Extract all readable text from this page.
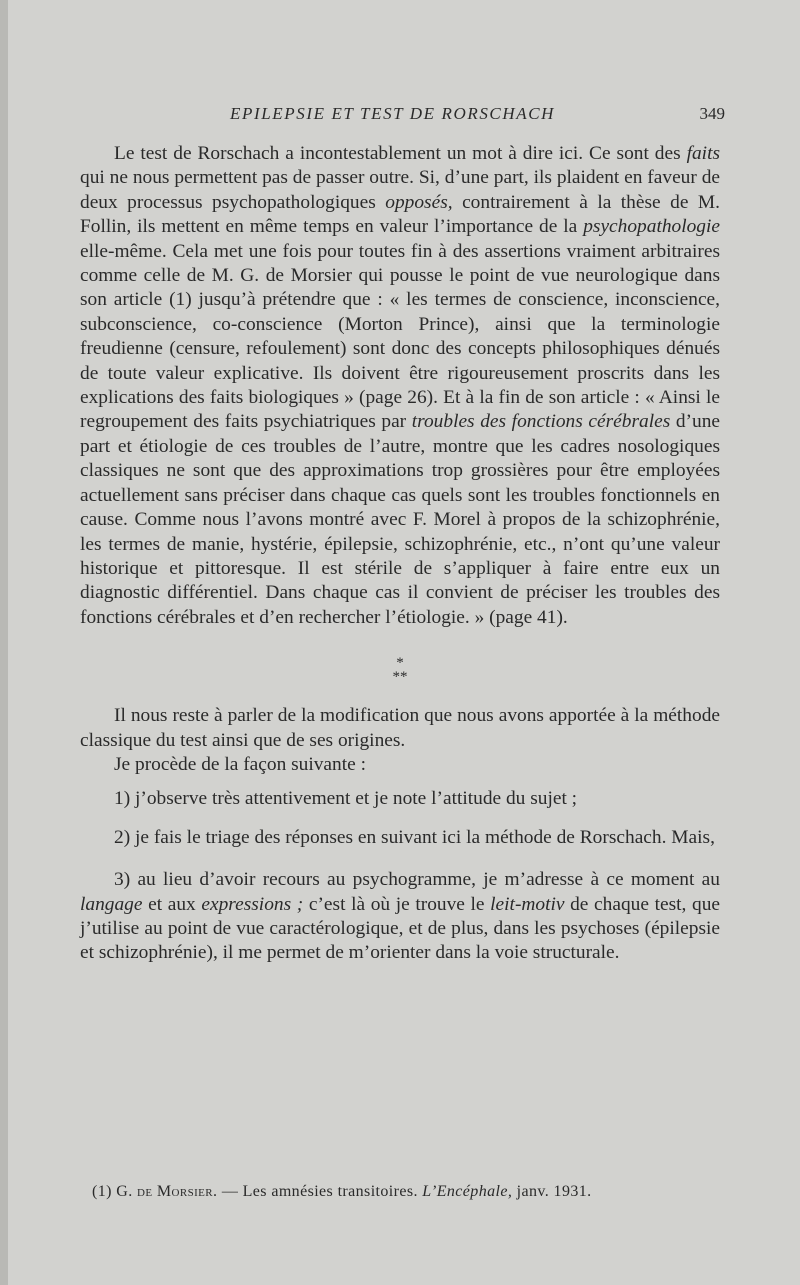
EPILEPSIE ET TEST DE RORSCHACH	349

Le test de Rorschach a incontestablement un mot à dire ici. Ce sont des faits qui ne nous permettent pas de passer outre. Si, d’une part, ils plaident en faveur de deux processus psychopathologiques opposés, contrairement à la thèse de M. Follin, ils mettent en même temps en valeur l’importance de la psychopathologie elle-même. Cela met une fois pour toutes fin à des assertions vraiment arbitraires comme celle de M. G. de Morsier qui pousse le point de vue neurologique dans son article (1) jusqu’à prétendre que : « les termes de conscience, inconscience, subconscience, co-conscience (Morton Prince), ainsi que la terminologie freudienne (censure, refoulement) sont donc des concepts philosophiques dénués de toute valeur explicative. Ils doivent être rigoureusement proscrits dans les explications des faits biologiques » (page 26). Et à la fin de son article : « Ainsi le regroupement des faits psychiatriques par troubles des fonctions cérébrales d’une part et étiologie de ces troubles de l’autre, montre que les cadres nosologiques classiques ne sont que des approximations trop grossières pour être employées actuellement sans préciser dans chaque cas quels sont les troubles fonctionnels en cause. Comme nous l’avons montré avec F. Morel à propos de la schizophrénie, les termes de manie, hystérie, épilepsie, schizophrénie, etc., n’ont qu’une valeur historique et pittoresque. Il est stérile de s’appliquer à faire entre eux un diagnostic différentiel. Dans chaque cas il convient de préciser les troubles des fonctions cérébrales et d’en rechercher l’étiologie. » (page 41).

*
**

Il nous reste à parler de la modification que nous avons apportée à la méthode classique du test ainsi que de ses origines.

Je procède de la façon suivante :

1) j’observe très attentivement et je note l’attitude du sujet ;

2) je fais le triage des réponses en suivant ici la méthode de Rorschach. Mais,

3) au lieu d’avoir recours au psychogramme, je m’adresse à ce moment au langage et aux expressions ; c’est là où je trouve le leit-motiv de chaque test, que j’utilise au point de vue caractérologique, et de plus, dans les psychoses (épilepsie et schizophrénie), il me permet de m’orienter dans la voie structurale.

(1) G. de Morsier. — Les amnésies transitoires. L’Encéphale, janv. 1931.
